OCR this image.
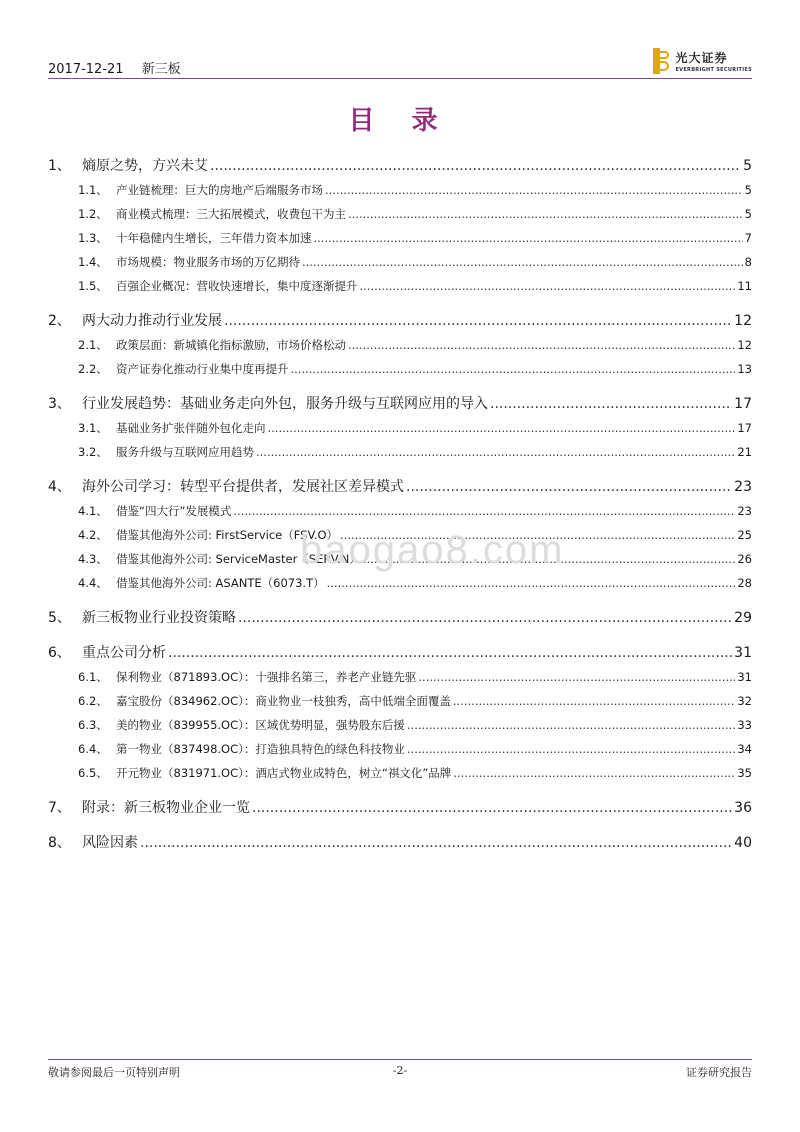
2017-12-21 新三板
光大证券
EVERBRIGHT SECURITIES
目 录
1、 熵原之势，方兴未艾 .....	5
1.1、 产业链梳理：巨大的房地产后端服务市场 .....	5
1.2、 商业模式梳理：三大拓展模式，收费包干为主 .....	5
1.3、 十年稳健内生增长，三年借力资本加速 .....	7
1.4、 市场规模：物业服务市场的万亿期待 .....	8
1.5、 百强企业概况：营收快速增长，集中度逐渐提升 .....	11
2、 两大动力推动行业发展 .....	12
2.1、 政策层面：新城镇化指标激励，市场价格松动 .....	12
2.2、 资产证券化推动行业集中度再提升 .....	13
3、 行业发展趋势：基础业务走向外包，服务升级与互联网应用的导入 .....	17
3.1、 基础业务扩张伴随外包化走向 .....	17
3.2、 服务升级与互联网应用趋势 .....	21
4、 海外公司学习：转型平台提供者，发展社区差异模式 .....	23
4.1、 借鉴“四大行”发展模式 .....	23
4.2、 借鉴其他海外公司: FirstService（FSV.O） .....	25
4.3、 借鉴其他海外公司: ServiceMaster（SERV.N） .....	26
4.4、 借鉴其他海外公司: ASANTE（6073.T） .....	28
5、 新三板物业行业投资策略 .....	29
6、 重点公司分析 .....	31
6.1、 保利物业（871893.OC）：十强排名第三，养老产业链先驱 .....	31
6.2、 嘉宝股份（834962.OC）：商业物业一枝独秀，高中低端全面覆盖 .....	32
6.3、 美的物业（839955.OC）：区域优势明显，强势股东后援 .....	33
6.4、 第一物业（837498.OC）：打造独具特色的绿色科技物业 .....	34
6.5、 开元物业（831971.OC）：酒店式物业成特色，树立“祺文化”品牌 .....	35
7、 附录：新三板物业企业一览 .....	36
8、 风险因素 .....	40
baogao8.com
敬请参阅最后一页特别声明	-2-	证券研究报告
